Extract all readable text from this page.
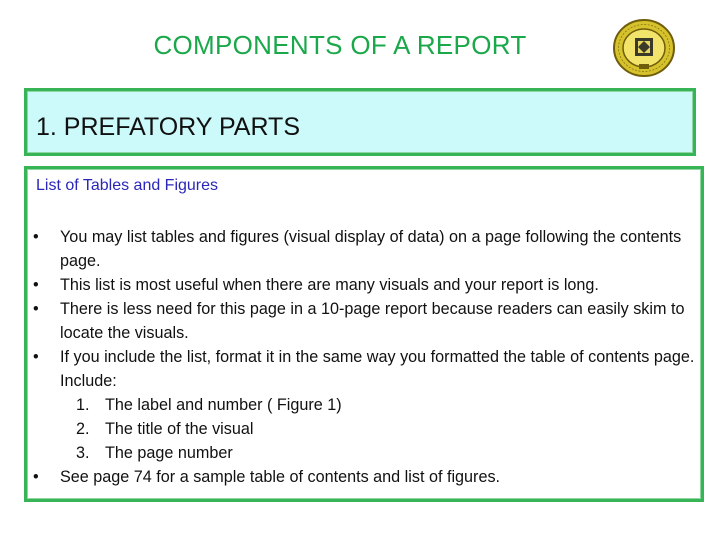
COMPONENTS OF A REPORT
1. PREFATORY PARTS
List of Tables and Figures
• You may list tables and figures (visual display of data) on a page following the contents page.
• This list is most useful when there are many visuals and your report is long.
• There is less need for this page in a 10-page report because readers can easily skim to locate the visuals.
• If you include the list, format it in the same way you formatted the table of contents page. Include:
1. The label and number ( Figure 1)
2. The title of the visual
3. The page number
• See page 74 for a sample table of contents and list of figures.
